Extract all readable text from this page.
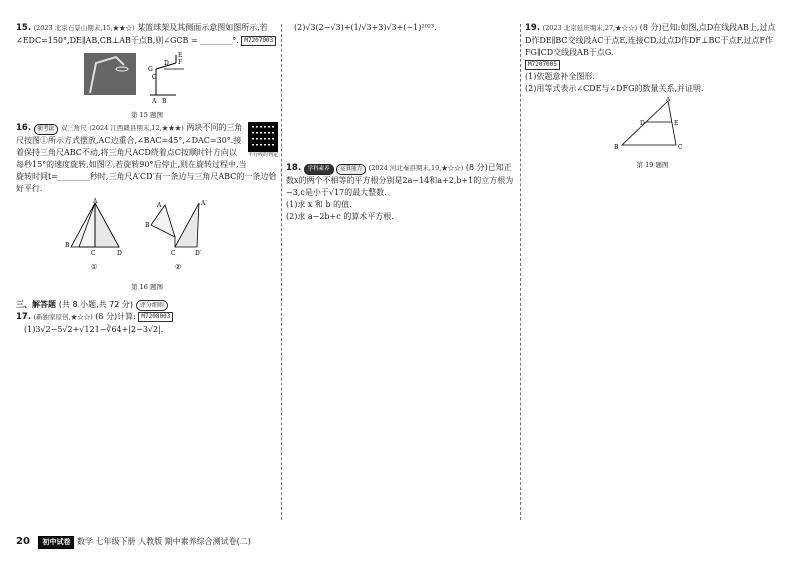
15. (2023 北京石景山期末,15,★★☆) 某篮球架及其侧面示意图如图所示,若∠EDC=150°,DE∥AB,CB⊥AB于点B,则∠GCB = ________°. M7207003
G
C
D
E
F
A B
第 15 题图
平行线的判定
16. 新考法 双三角尺 (2024 江西赣县期末,12,★★★) 两块不同的三角尺按图①所示方式摆放,AC边重合,∠BAC=45°,∠DAC=30°.接着保持三角尺ABC不动,将三角尺ACD绕着点C按顺时针方向以每秒15°的速度旋转,如图②,若旋转90°后停止,则在旋转过程中,当旋转时间t=________秒时,三角尺A′CD′有一条边与三角尺ABC的一条边恰好平行.
A
B
C	D
①
A	A′
B
C	D′
②
第 16 题图
三、解答题 (共 8 小题,共 72 分) 评分细则
17. (新独家原创,★☆☆) (8 分)计算: M7208003
(1)3√2−5√2+√121−∛64+|2−3√2|.
(2)√3(2−√3)+(1/√3+3)√3+(−1)²⁰²³.
18. 学科素养 运算能力 (2024 河北秦县期末,19,★☆☆) (8 分)已知正数x的两个不相等的平方根分别是2a−14和a+2,b+1的立方根为−3,c是小于√17的最大整数.
(1)求 x 和 b 的值.
(2)求 a−2b+c 的算术平方根.
19. (2023 北京延庆期末,27,★☆☆) (8 分)已知:如图,点D在线段AB上,过点D作DE∥BC交线段AC于点E,连接CD,过点D作DF⊥BC于点F,过点F作FG∥CD交线段AB于点G.
M7207005
(1)依题意补全图形.
(2)用等式表示∠CDE与∠DFG的数量关系,并证明.
A
D	E
B	C
第 19 题图
20 初中试卷 数学 七年级下册 人教版 期中素养综合测试卷(二)
